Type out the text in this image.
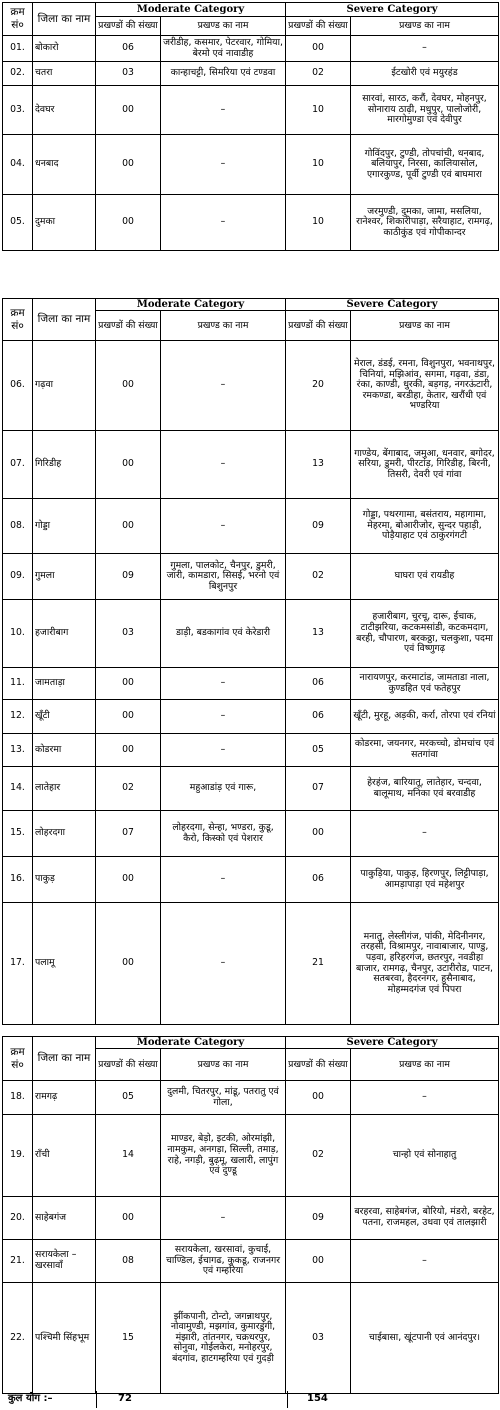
क्रम सं०	जिला का नाम	Moderate Category		Severe Category	
		प्रखण्डों की संख्या	प्रखण्ड का नाम	प्रखण्डों की संख्या	प्रखण्ड का नाम
01.	बोकारो	06	जरीडीह, कसमार, पेटरवार, गोमिया, बेरमो एवं नावाडीह	00	–
02.	चतरा	03	कान्हाचट्टी, सिमरिया एवं टण्डवा	02	ईटखोरी एवं मयुरहंड
03.	देवघर	00	–	10	सारवां, सारठ, करौं, देवघर, मोहनपुर, सोनाराय ठाढ़ी, मधुपुर, पालोजोरी, मारगोमुण्डा एवं देवीपुर
04.	धनबाद	00	–	10	गोविंदपुर, टुण्डी, तोपचांची, धनबाद, बलियापुर, निरसा, कालियासोल, एगारकुण्ड, पूर्वी टुण्डी एवं बाघमारा
05.	दुमका	00	–	10	जरमुण्डी, दुमका, जामा, मसलिया, रानेश्वर, शिकारीपाड़ा, सरैयाहाट, रामगढ़, काठीकुंड एवं गोपीकान्दर
क्रम सं०	जिला का नाम	Moderate Category		Severe Category	
		प्रखण्डों की संख्या	प्रखण्ड का नाम	प्रखण्डों की संख्या	प्रखण्ड का नाम
06.	गढ़वा	00	–	20	मेराल, डंडई, रमना, विशुनपुरा, भवनाथपुर, चिनियां, मझिआंव, सगमा, गढ़वा, डंडा, रंका, काण्डी, धुरकी, बड़गड़, नगरऊंटारी, रमकण्डा, बरडीहा, केतार, खरौंधी एवं भण्डरिया
07.	गिरिडीह	00	–	13	गाण्डेय, बेंगाबाद, जमुआ, धनवार, बगोदर, सरिया, डुमरी, पीरटांड़, गिरिडीह, बिरनी, तिसरी, देवरी एवं गांवा
08.	गोड्डा	00	–	09	गोड्डा, पथरगामा, बसंतराय, महागामा, मेहरमा, बोआरीजोर, सुन्दर पहाड़ी, पोड़ैयाहाट एवं ठाकुरगंगटी
09.	गुमला	09	गुमला, पालकोट, चैनपुर, डुमरी, जारी, कामडारा, सिसई, भरनो एवं बिशुनपुर	02	घाघरा एवं रायडीह
10.	हजारीबाग	03	डाड़ी, बडकागांव एवं केरेडारी	13	हजारीबाग, चुरचू, दारू, ईचाक, टाटीझरिया, कटकमसांडी, कटकमदाग, बरही, चौपारण, बरकठ्ठा, चलकुशा, पदमा एवं विष्णुगढ़
11.	जामताड़ा	00	–	06	नारायणपुर, करमाटांड, जामताडा नाला, कुण्डहित एवं फतेहपुर
12.	खूँटी	00	–	06	खूँटी, मुरहू, अड़की, कर्रा, तोरपा एवं रनियां
13.	कोडरमा	00	–	05	कोडरमा, जयनगर, मरकच्चो, डोमचांच एवं सतगांवा
14.	लातेहार	02	महुआडांड़ एवं गारू,	07	हेरहंज, बारियातू, लातेहार, चन्दवा, बालूमाथ, मनिका एवं बरवाडीह
15.	लोहरदगा	07	लोहरदगा, सेन्हा, भण्डरा, कुडू, कैरो, किस्को एवं पेशरार	00	–
16.	पाकुड़	00	–	06	पाकुड़िया, पाकुड़, हिरणपुर, लिट्टीपाड़ा, आमड़ापाड़ा एवं महेशपुर
17.	पलामू	00	–	21	मनातु, लेस्लीगंज, पांकी, मेदिनीनगर, तरहसी, विश्रामपुर, नावाबाजार, पाण्डु, पड़वा, हरिहरगंज, छतरपुर, नवडीहा बाजार, रामगढ़, चैनपुर, उटारीरोड, पाटन, सतबरवा, हैदरनगर, हुसैनाबाद, मोहम्मदगंज एवं पिपरा
क्रम सं०	जिला का नाम	Moderate Category		Severe Category	
		प्रखण्डों की संख्या	प्रखण्ड का नाम	प्रखण्डों की संख्या	प्रखण्ड का नाम
18.	रामगढ़	05	दुलमी, चितरपुर, मांडू, पतरातु एवं गोला,	00	–
19.	राँची	14	माण्डर, बेड़ो, इटकी, ओरमांझी, नामकुम, अनगड़ा, सिल्ली, तमाड़, राहे, नगड़ी, बुढ़मू, खलारी, लापुंग एवं दुण्डू	02	चान्हो एवं सोनाहातु
20.	साहेबगंज	00	–	09	बरहरवा, साहेबगंज, बोरियो, मंडरो, बरहेट, पतना, राजमहल, उधवा एवं तालझारी
21.	सरायकेला –खरसावाँ	08	सरायकेला, खरसावां, कुचाई, चाण्डिल, ईचागढ, कुकडू, राजनगर एवं गम्हरिया	00	–
22.	पश्चिमी सिंहभूम	15	झींकपानी, टोन्टो, जगन्नाथपुर, नोवामुण्डी, मझगांव, कुमारडुंगी, मंझारी, तांतनगर, चक्रधरपुर, सोनुवा, गोईलकेरा, मनोहरपुर, बंदगांव, हाटगम्हरिया एवं गुदड़ी	03	चाईबासा, खूंटपानी एवं आनंदपुर।
कुल योग :–	72	154
